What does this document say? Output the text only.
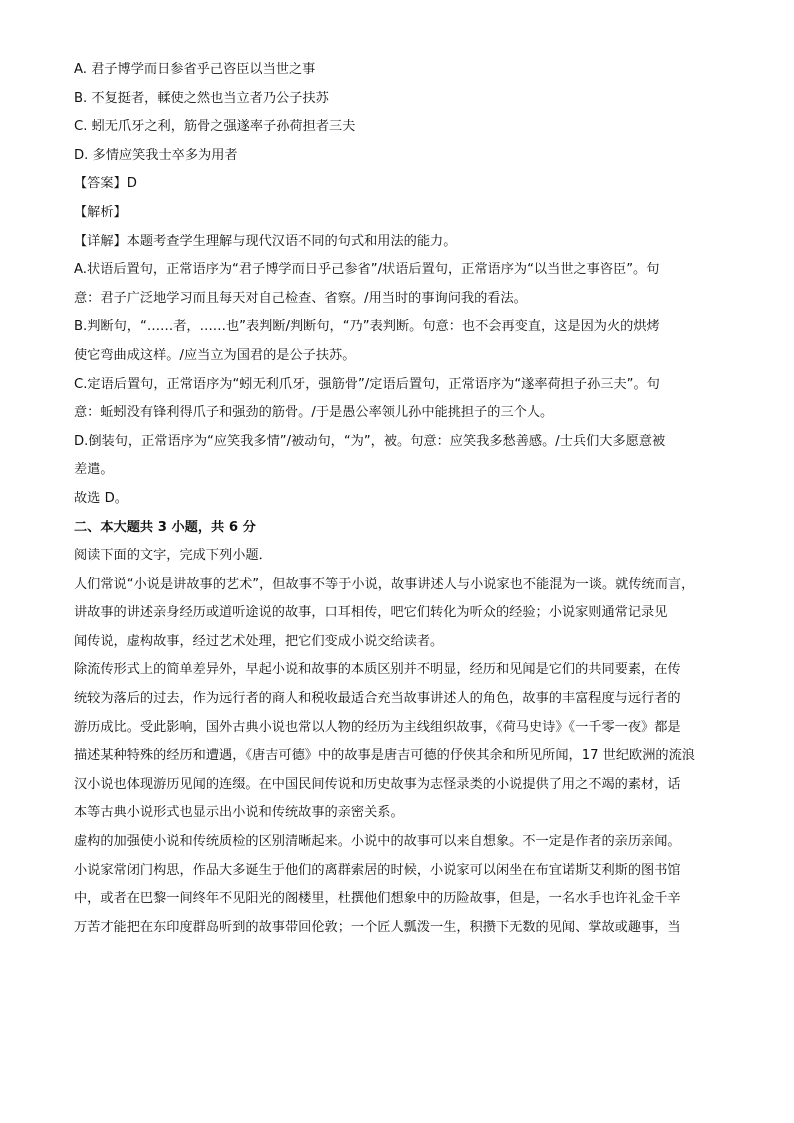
A. 君子博学而日参省乎己咨臣以当世之事
B. 不复挺者，輮使之然也当立者乃公子扶苏
C. 蚓无爪牙之利，筋骨之强遂率子孙荷担者三夫
D. 多情应笑我士卒多为用者
【答案】D
【解析】
【详解】本题考查学生理解与现代汉语不同的句式和用法的能力。
A.状语后置句，正常语序为“君子博学而日乎己参省”/状语后置句，正常语序为“以当世之事咨臣”。句
意：君子广泛地学习而且每天对自己检查、省察。/用当时的事询问我的看法。
B.判断句，“……者，……也”表判断/判断句，“乃”表判断。句意：也不会再变直，这是因为火的烘烤
使它弯曲成这样。/应当立为国君的是公子扶苏。
C.定语后置句，正常语序为“蚓无利爪牙，强筋骨”/定语后置句，正常语序为“遂率荷担子孙三夫”。句
意：蚯蚓没有锋利得爪子和强劲的筋骨。/于是愚公率领儿孙中能挑担子的三个人。
D.倒装句，正常语序为“应笑我多情”/被动句，“为”，被。句意：应笑我多愁善感。/士兵们大多愿意被
差遣。
故选 D。
二、本大题共 3 小题，共 6 分
阅读下面的文字，完成下列小题．
人们常说“小说是讲故事的艺术”，但故事不等于小说，故事讲述人与小说家也不能混为一谈。就传统而言，
讲故事的讲述亲身经历或道听途说的故事，口耳相传，吧它们转化为听众的经验；小说家则通常记录见
闻传说，虚构故事，经过艺术处理，把它们变成小说交给读者。
除流传形式上的简单差异外，早起小说和故事的本质区别并不明显，经历和见闻是它们的共同要素，在传
统较为落后的过去，作为远行者的商人和税收最适合充当故事讲述人的角色，故事的丰富程度与远行者的
游历成比。受此影响，国外古典小说也常以人物的经历为主线组织故事，《荷马史诗》《一千零一夜》都是
描述某种特殊的经历和遭遇，《唐吉可德》中的故事是唐吉可德的伃侠其余和所见所闻，17 世纪欧洲的流浪
汉小说也体现游历见闻的连缀。在中国民间传说和历史故事为志怪录类的小说提供了用之不竭的素材，话
本等古典小说形式也显示出小说和传统故事的亲密关系。
虚构的加强使小说和传统质检的区别清晰起来。小说中的故事可以来自想象。不一定是作者的亲历亲闻。
小说家常闭门构思，作品大多诞生于他们的离群索居的时候，小说家可以闲坐在布宜诺斯艾利斯的图书馆
中，或者在巴黎一间终年不见阳光的阁楼里，杜撰他们想象中的历险故事，但是，一名水手也许礼金千辛
万苦才能把在东印度群岛听到的故事带回伦敦；一个匠人瓢泼一生，积攒下无数的见闻、掌故或趣事，当
